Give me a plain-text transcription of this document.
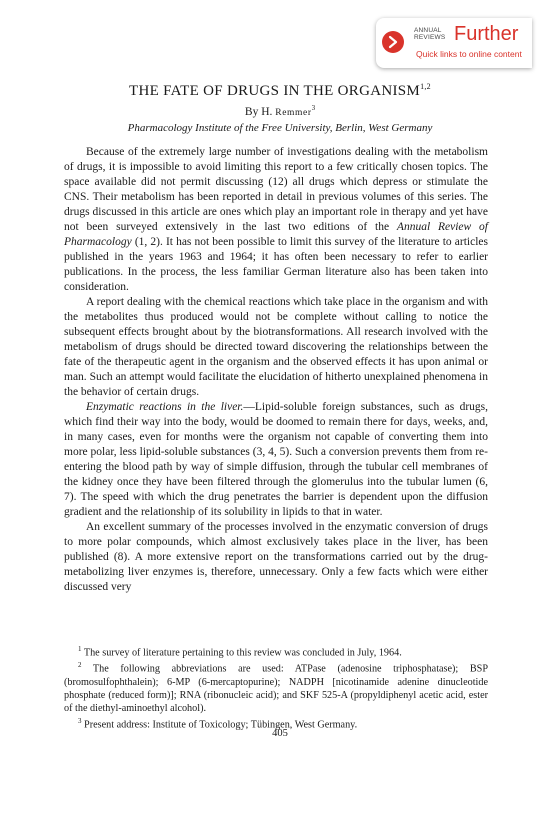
ANNUAL
REVIEWS Further
Quick links to online content
THE FATE OF DRUGS IN THE ORGANISM$^{1,2}$
By H. Remmer$^3$
Pharmacology Institute of the Free University, Berlin, West Germany

Because of the extremely large number of investigations dealing with the metabolism of drugs, it is impossible to avoid limiting this report to a few critically chosen topics. The space available did not permit discussing (12) all drugs which depress or stimulate the CNS. Their metabolism has been reported in detail in previous volumes of this series. The drugs discussed in this article are ones which play an important role in therapy and yet have not been surveyed extensively in the last two editions of the Annual Review of Pharmacology (1, 2). It has not been possible to limit this survey of the literature to articles published in the years 1963 and 1964; it has often been necessary to refer to earlier publications. In the process, the less familiar German literature also has been taken into consideration.

A report dealing with the chemical reactions which take place in the organism and with the metabolites thus produced would not be complete without calling to notice the subsequent effects brought about by the biotransformations. All research involved with the metabolism of drugs should be directed toward discovering the relationships between the fate of the therapeutic agent in the organism and the observed effects it has upon animal or man. Such an attempt would facilitate the elucidation of hitherto unexplained phenomena in the behavior of certain drugs.

Enzymatic reactions in the liver.—Lipid-soluble foreign substances, such as drugs, which find their way into the body, would be doomed to remain there for days, weeks, and, in many cases, even for months were the organism not capable of converting them into more polar, less lipid-soluble substances (3, 4, 5). Such a conversion prevents them from re-entering the blood path by way of simple diffusion, through the tubular cell membranes of the kidney once they have been filtered through the glomerulus into the tubular lumen (6, 7). The speed with which the drug penetrates the barrier is dependent upon the diffusion gradient and the relationship of its solubility in lipids to that in water.

An excellent summary of the processes involved in the enzymatic conversion of drugs to more polar compounds, which almost exclusively takes place in the liver, has been published (8). A more extensive report on the transformations carried out by the drug-metabolizing liver enzymes is, therefore, unnecessary. Only a few facts which were either discussed very

$^1$ The survey of literature pertaining to this review was concluded in July, 1964.

$^2$ The following abbreviations are used: ATPase (adenosine triphosphatase); BSP (bromosulfophthalein); 6-MP (6-mercaptopurine); NADPH [nicotinamide adenine dinucleotide phosphate (reduced form)]; RNA (ribonucleic acid); and SKF 525-A (propyldiphenyl acetic acid, ester of the diethyl-aminoethyl alcohol).

$^3$ Present address: Institute of Toxicology; Tübingen, West Germany.

405
